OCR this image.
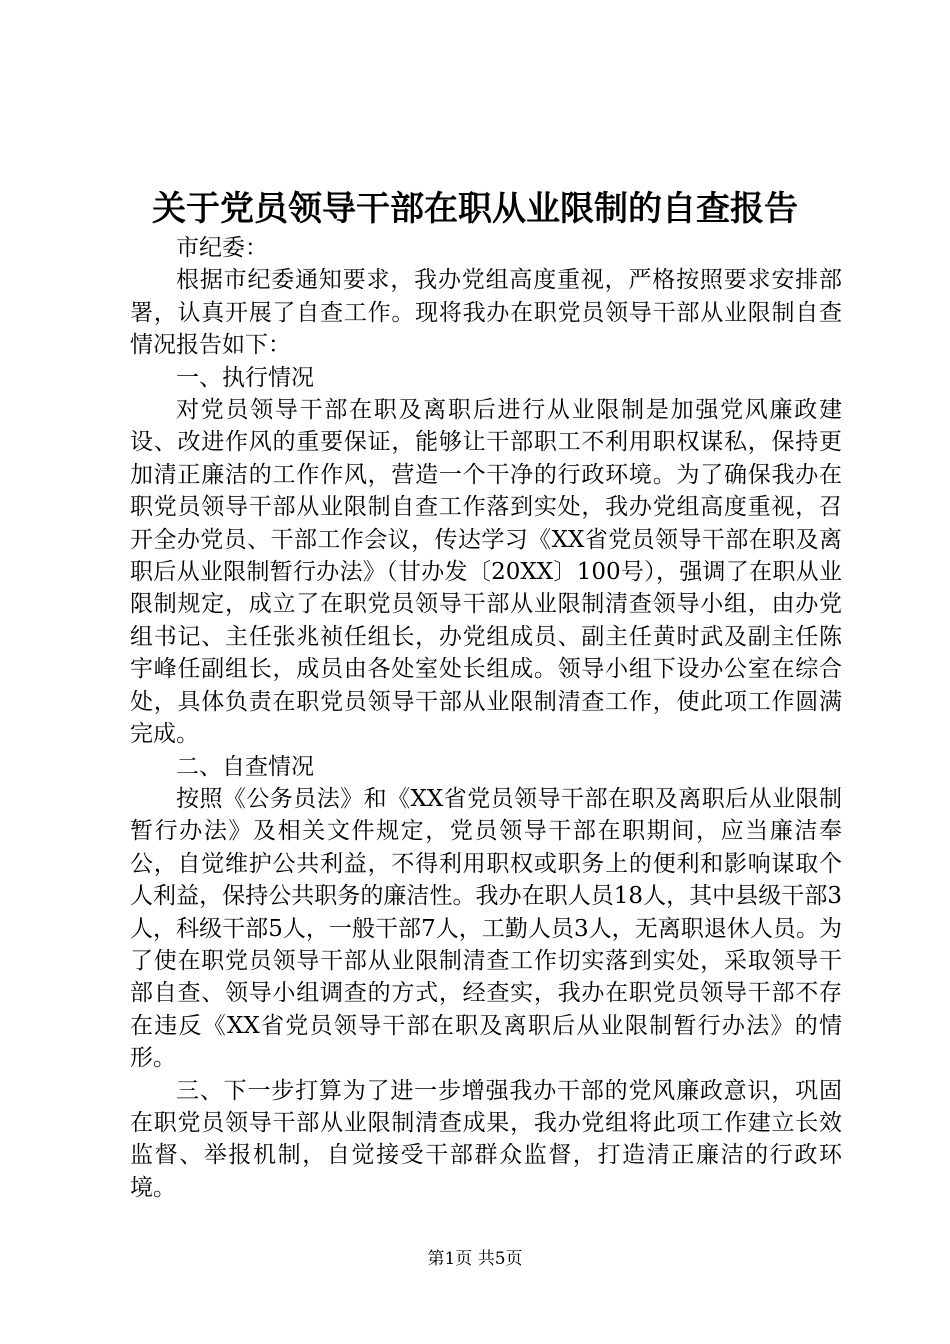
关于党员领导干部在职从业限制的自查报告

市纪委：

根据市纪委通知要求，我办党组高度重视，严格按照要求安排部署，认真开展了自查工作。现将我办在职党员领导干部从业限制自查情况报告如下：

一、执行情况

对党员领导干部在职及离职后进行从业限制是加强党风廉政建设、改进作风的重要保证，能够让干部职工不利用职权谋私，保持更加清正廉洁的工作作风，营造一个干净的行政环境。为了确保我办在职党员领导干部从业限制自查工作落到实处，我办党组高度重视，召开全办党员、干部工作会议，传达学习《XX省党员领导干部在职及离职后从业限制暂行办法》（甘办发〔20XX〕100号），强调了在职从业限制规定，成立了在职党员领导干部从业限制清查领导小组，由办党组书记、主任张兆祯任组长，办党组成员、副主任黄时武及副主任陈宇峰任副组长，成员由各处室处长组成。领导小组下设办公室在综合处，具体负责在职党员领导干部从业限制清查工作，使此项工作圆满完成。

二、自查情况

按照《公务员法》和《XX省党员领导干部在职及离职后从业限制暂行办法》及相关文件规定，党员领导干部在职期间，应当廉洁奉公，自觉维护公共利益，不得利用职权或职务上的便利和影响谋取个人利益，保持公共职务的廉洁性。我办在职人员18人，其中县级干部3人，科级干部5人，一般干部7人，工勤人员3人，无离职退休人员。为了使在职党员领导干部从业限制清查工作切实落到实处，采取领导干部自查、领导小组调查的方式，经查实，我办在职党员领导干部不存在违反《XX省党员领导干部在职及离职后从业限制暂行办法》的情形。

三、下一步打算为了进一步增强我办干部的党风廉政意识，巩固在职党员领导干部从业限制清查成果，我办党组将此项工作建立长效监督、举报机制，自觉接受干部群众监督，打造清正廉洁的行政环境。

第1页 共5页
